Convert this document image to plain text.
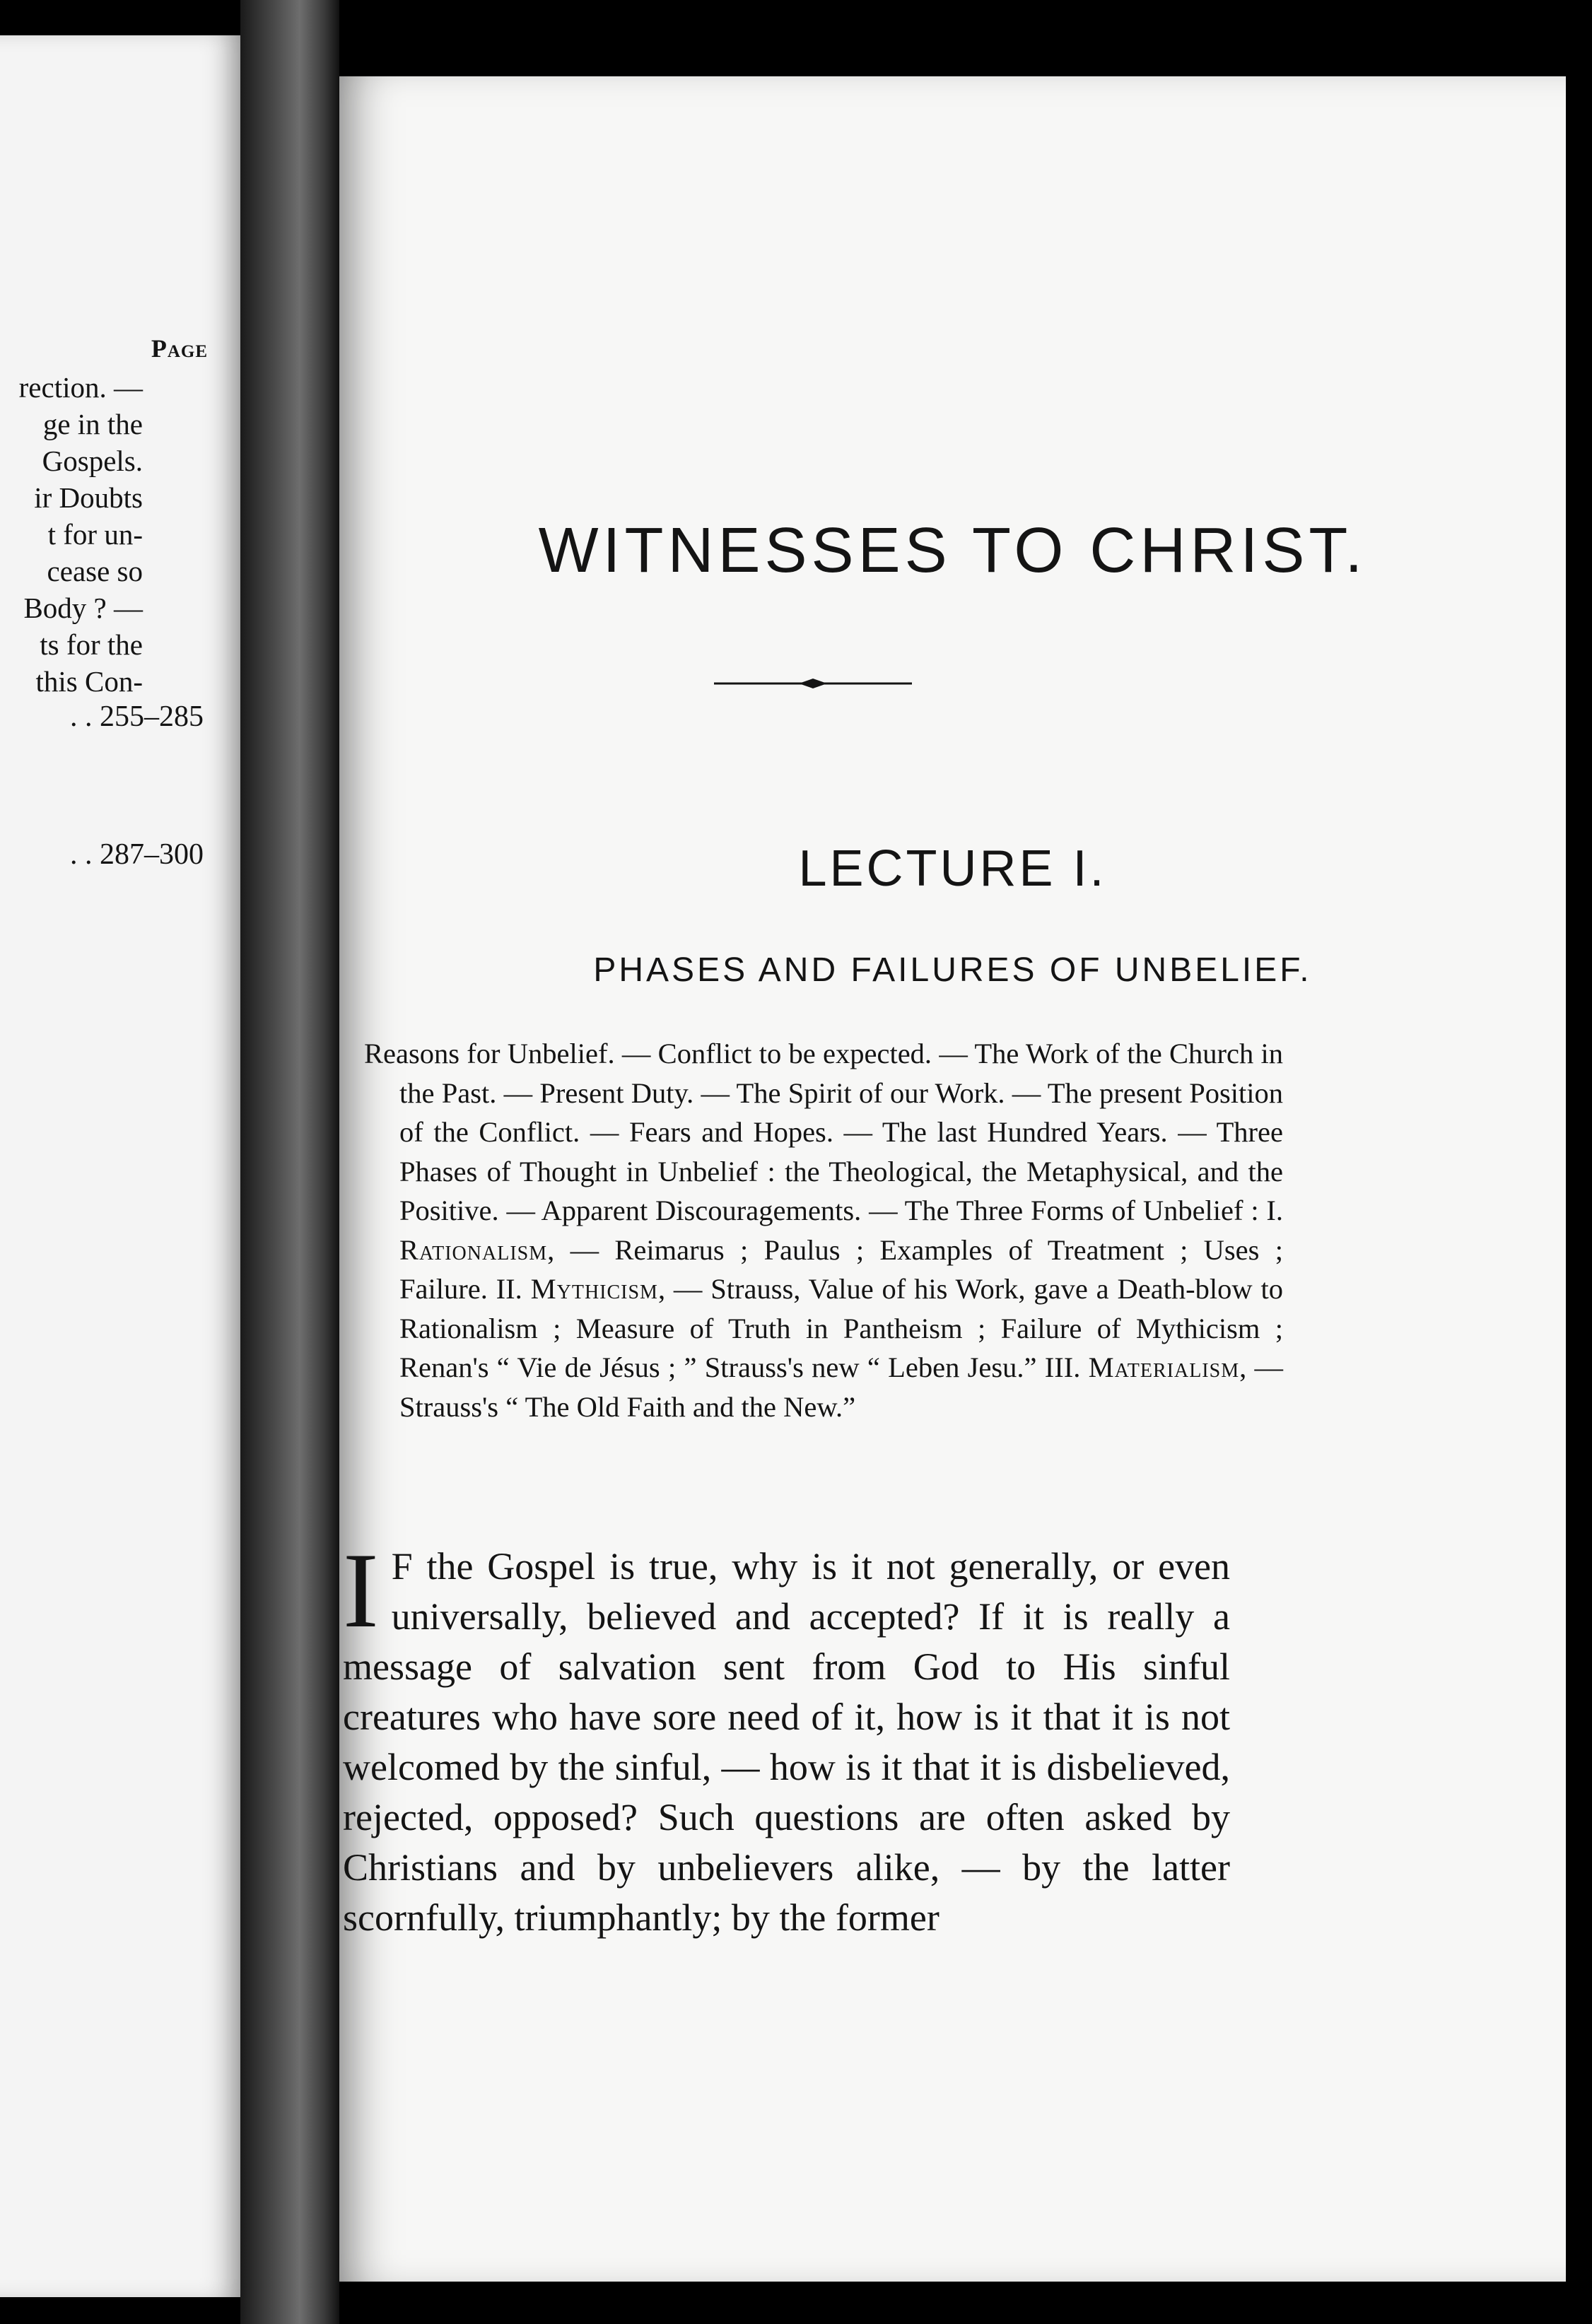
Page
rection. —
ge in the
Gospels.
ir Doubts
t for un-
cease so
Body ? —
ts for the
this Con-
. . 255–285
. . 287–300
WITNESSES TO CHRIST.
LECTURE I.
PHASES AND FAILURES OF UNBELIEF.

Reasons for Unbelief. — Conflict to be expected. — The Work of the Church in the Past. — Present Duty. — The Spirit of our Work. — The present Position of the Conflict. — Fears and Hopes. — The last Hundred Years. — Three Phases of Thought in Unbelief : the Theological, the Metaphysical, and the Positive. — Apparent Discouragements. — The Three Forms of Unbelief : I. Rationalism, — Reimarus ; Paulus ; Examples of Treatment ; Uses ; Failure. II. Mythicism, — Strauss, Value of his Work, gave a Death-blow to Rationalism ; Measure of Truth in Pantheism ; Failure of Mythicism ; Renan's “ Vie de Jésus ; ” Strauss's new “ Leben Jesu.” III. Materialism, — Strauss's “ The Old Faith and the New.”

I F the Gospel is true, why is it not generally, or even universally, believed and accepted? If it is really a message of salvation sent from God to His sinful creatures who have sore need of it, how is it that it is not welcomed by the sinful, — how is it that it is disbelieved, rejected, opposed? Such questions are often asked by Christians and by unbelievers alike, — by the latter scornfully, triumphantly; by the former
